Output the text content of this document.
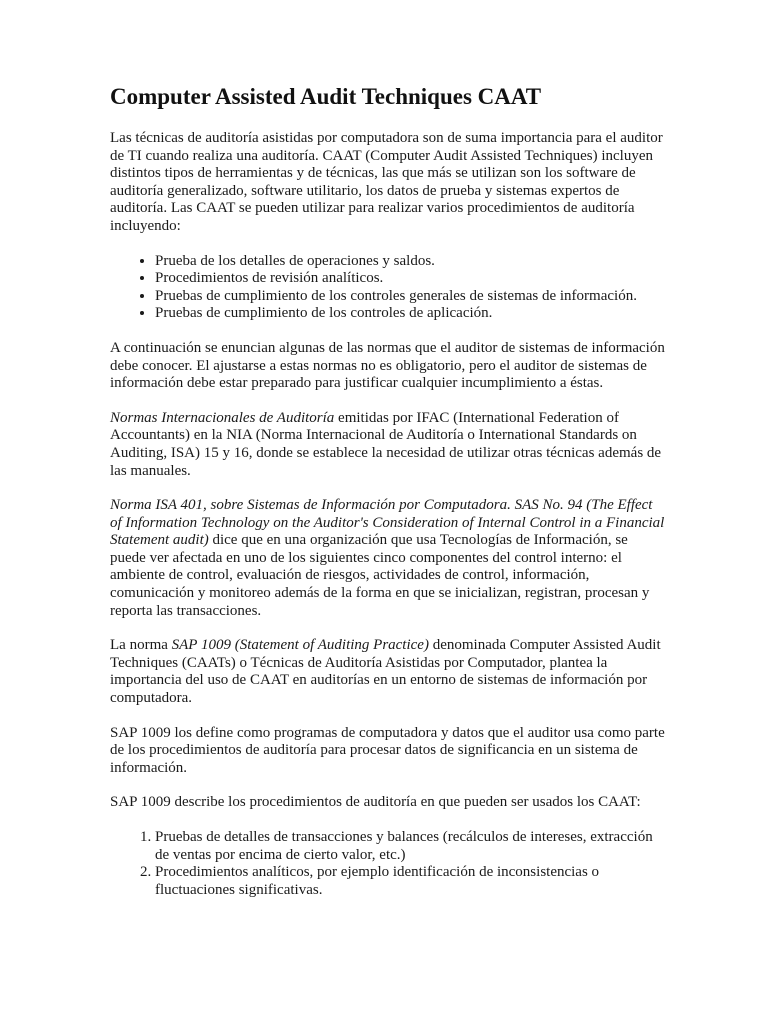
Computer Assisted Audit Techniques CAAT

Las técnicas de auditoría asistidas por computadora son de suma importancia para el auditor de TI cuando realiza una auditoría. CAAT (Computer Audit Assisted Techniques) incluyen distintos tipos de herramientas y de técnicas, las que más se utilizan son los software de auditoría generalizado, software utilitario, los datos de prueba y sistemas expertos de auditoría. Las CAAT se pueden utilizar para realizar varios procedimientos de auditoría incluyendo:

• Prueba de los detalles de operaciones y saldos.
• Procedimientos de revisión analíticos.
• Pruebas de cumplimiento de los controles generales de sistemas de información.
• Pruebas de cumplimiento de los controles de aplicación.

A continuación se enuncian algunas de las normas que el auditor de sistemas de información debe conocer. El ajustarse a estas normas no es obligatorio, pero el auditor de sistemas de información debe estar preparado para justificar cualquier incumplimiento a éstas.

Normas Internacionales de Auditoría emitidas por IFAC (International Federation of Accountants) en la NIA (Norma Internacional de Auditoría o International Standards on Auditing, ISA) 15 y 16, donde se establece la necesidad de utilizar otras técnicas además de las manuales.

Norma ISA 401, sobre Sistemas de Información por Computadora. SAS No. 94 (The Effect of Information Technology on the Auditor's Consideration of Internal Control in a Financial Statement audit) dice que en una organización que usa Tecnologías de Información, se puede ver afectada en uno de los siguientes cinco componentes del control interno: el ambiente de control, evaluación de riesgos, actividades de control, información, comunicación y monitoreo además de la forma en que se inicializan, registran, procesan y reporta las transacciones.

La norma SAP 1009 (Statement of Auditing Practice) denominada Computer Assisted Audit Techniques (CAATs) o Técnicas de Auditoría Asistidas por Computador, plantea la importancia del uso de CAAT en auditorías en un entorno de sistemas de información por computadora.

SAP 1009 los define como programas de computadora y datos que el auditor usa como parte de los procedimientos de auditoría para procesar datos de significancia en un sistema de información.

SAP 1009 describe los procedimientos de auditoría en que pueden ser usados los CAAT:

1. Pruebas de detalles de transacciones y balances (recálculos de intereses, extracción de ventas por encima de cierto valor, etc.)
2. Procedimientos analíticos, por ejemplo identificación de inconsistencias o fluctuaciones significativas.
